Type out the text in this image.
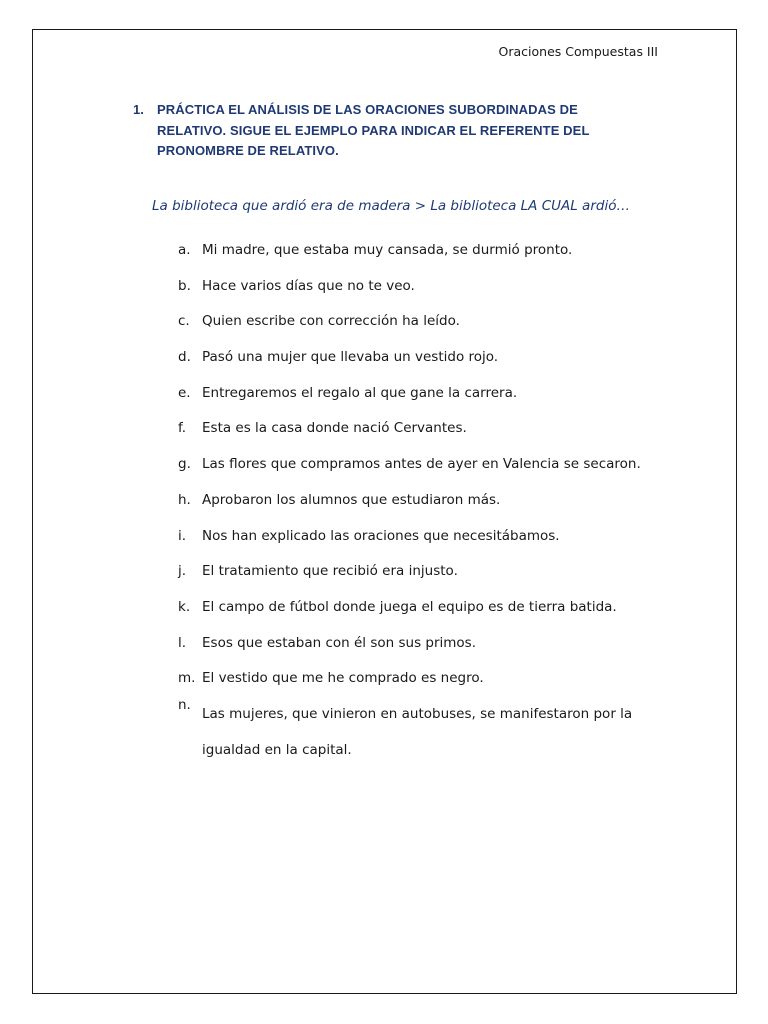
Oraciones Compuestas III
1. PRÁCTICA EL ANÁLISIS DE LAS ORACIONES SUBORDINADAS DE RELATIVO. SIGUE EL EJEMPLO PARA INDICAR EL REFERENTE DEL PRONOMBRE DE RELATIVO.
La biblioteca que ardió era de madera > La biblioteca LA CUAL ardió…
a. Mi madre, que estaba muy cansada, se durmió pronto.
b. Hace varios días que no te veo.
c. Quien escribe con corrección ha leído.
d. Pasó una mujer que llevaba un vestido rojo.
e. Entregaremos el regalo al que gane la carrera.
f. Esta es la casa donde nació Cervantes.
g. Las flores que compramos antes de ayer en Valencia se secaron.
h. Aprobaron los alumnos que estudiaron más.
i. Nos han explicado las oraciones que necesitábamos.
j. El tratamiento que recibió era injusto.
k. El campo de fútbol donde juega el equipo es de tierra batida.
l. Esos que estaban con él son sus primos.
m. El vestido que me he comprado es negro.
n.
Las mujeres, que vinieron en autobuses, se manifestaron por la igualdad en la capital.
